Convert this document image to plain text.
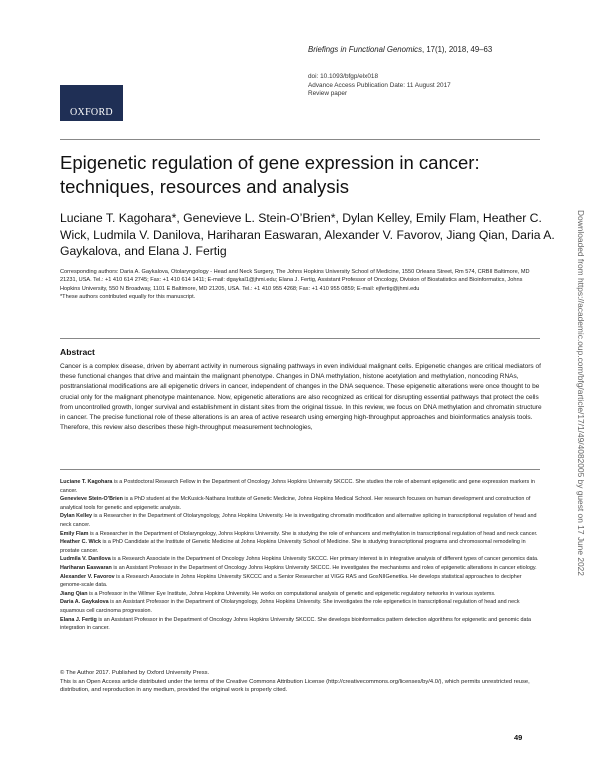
OXFORD
Briefings in Functional Genomics, 17(1), 2018, 49–63
doi: 10.1093/bfgp/elx018
Advance Access Publication Date: 11 August 2017
Review paper
Epigenetic regulation of gene expression in cancer: techniques, resources and analysis
Luciane T. Kagohara*, Genevieve L. Stein-O’Brien*, Dylan Kelley, Emily Flam, Heather C. Wick, Ludmila V. Danilova, Hariharan Easwaran, Alexander V. Favorov, Jiang Qian, Daria A. Gaykalova, and Elana J. Fertig
Corresponding authors: Daria A. Gaykalova, Otolaryngology - Head and Neck Surgery, The Johns Hopkins University School of Medicine, 1550 Orleans Street, Rm 574, CRBII Baltimore, MD 21231, USA. Tel.: +1 410 614 2745; Fax: +1 410 614 1411; E-mail: dgaykal1@jhmi.edu; Elana J. Fertig, Assistant Professor of Oncology, Division of Biostatistics and Bioinformatics, Johns Hopkins University, 550 N Broadway, 1101 E Baltimore, MD 21205, USA. Tel.: +1 410 955 4268; Fax: +1 410 955 0859; E-mail: ejfertig@jhmi.edu
*These authors contributed equally for this manuscript.
Abstract
Cancer is a complex disease, driven by aberrant activity in numerous signaling pathways in even individual malignant cells. Epigenetic changes are critical mediators of these functional changes that drive and maintain the malignant phenotype. Changes in DNA methylation, histone acetylation and methylation, noncoding RNAs, posttranslational modifications are all epigenetic drivers in cancer, independent of changes in the DNA sequence. These epigenetic alterations were once thought to be crucial only for the malignant phenotype maintenance. Now, epigenetic alterations are also recognized as critical for disrupting essential pathways that protect the cells from uncontrolled growth, longer survival and establishment in distant sites from the original tissue. In this review, we focus on DNA methylation and chromatin structure in cancer. The precise functional role of these alterations is an area of active research using emerging high-throughput approaches and bioinformatics analysis tools. Therefore, this review also describes these high-throughput measurement technologies,

Luciane T. Kagohara is a Postdoctoral Research Fellow in the Department of Oncology Johns Hopkins University SKCCC. She studies the role of aberrant epigenetic and gene expression markers in cancer.

Genevieve Stein-O’Brien is a PhD student at the McKusick-Nathans Institute of Genetic Medicine, Johns Hopkins Medical School. Her research focuses on human development and construction of analytical tools for genetic and epigenetic analysis.

Dylan Kelley is a Researcher in the Department of Otolaryngology, Johns Hopkins University. He is investigating chromatin modification and alternative splicing in transcriptional regulation of head and neck cancer.

Emily Flam is a Researcher in the Department of Otolaryngology, Johns Hopkins University. She is studying the role of enhancers and methylation in transcriptional regulation of head and neck cancer.

Heather C. Wick is a PhD Candidate at the Institute of Genetic Medicine at Johns Hopkins University School of Medicine. She is studying transcriptional programs and chromosomal remodeling in prostate cancer.

Ludmila V. Danilova is a Research Associate in the Department of Oncology Johns Hopkins University SKCCC. Her primary interest is in integrative analysis of different types of cancer genomics data.

Hariharan Easwaran is an Assistant Professor in the Department of Oncology Johns Hopkins University SKCCC. He investigates the mechanisms and roles of epigenetic alterations in cancer etiology.

Alexander V. Favorov is a Research Associate in Johns Hopkins University SKCCC and a Senior Researcher at VIGG RAS and GosNIIGenetika. He develops statistical approaches to decipher genome-scale data.

Jiang Qian is a Professor in the Wilmer Eye Institute, Johns Hopkins University. He works on computational analysis of genetic and epigenetic regulatory networks in various systems.

Daria A. Gaykalova is an Assistant Professor in the Department of Otolaryngology, Johns Hopkins University. She investigates the role epigenetics in transcriptional regulation of head and neck squamous cell carcinoma progression.

Elana J. Fertig is an Assistant Professor in the Department of Oncology Johns Hopkins University SKCCC. She develops bioinformatics pattern detection algorithms for epigenetic and genomic data integration in cancer.

© The Author 2017. Published by Oxford University Press.

This is an Open Access article distributed under the terms of the Creative Commons Attribution License (http://creativecommons.org/licenses/by/4.0/), which permits unrestricted reuse, distribution, and reproduction in any medium, provided the original work is properly cited.

49
Downloaded from https://academic.oup.com/bfg/article/17/1/49/4082005 by guest on 17 June 2022
